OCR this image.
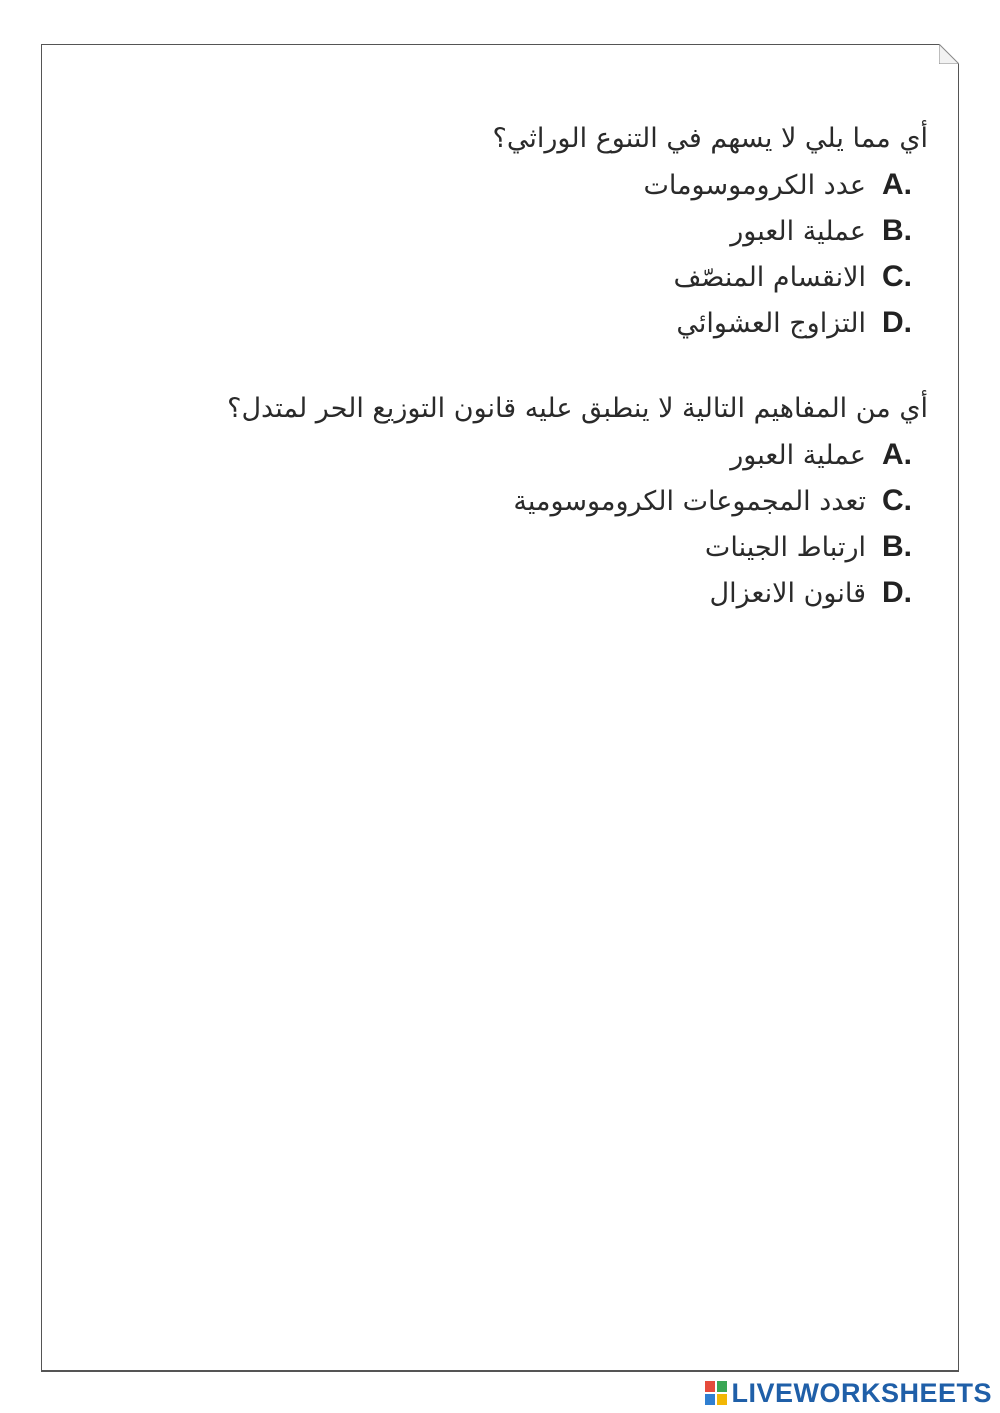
أي مما يلي لا يسهم في التنوع الوراثي؟
A.
عدد الكروموسومات
B.
عملية العبور
C.
الانقسام المنصّف
D.
التزاوج العشوائي
أي من المفاهيم التالية لا ينطبق عليه قانون التوزيع الحر لمتدل؟
A.
عملية العبور
C.
تعدد المجموعات الكروموسومية
B.
ارتباط الجينات
D.
قانون الانعزال
LIVEWORKSHEETS
